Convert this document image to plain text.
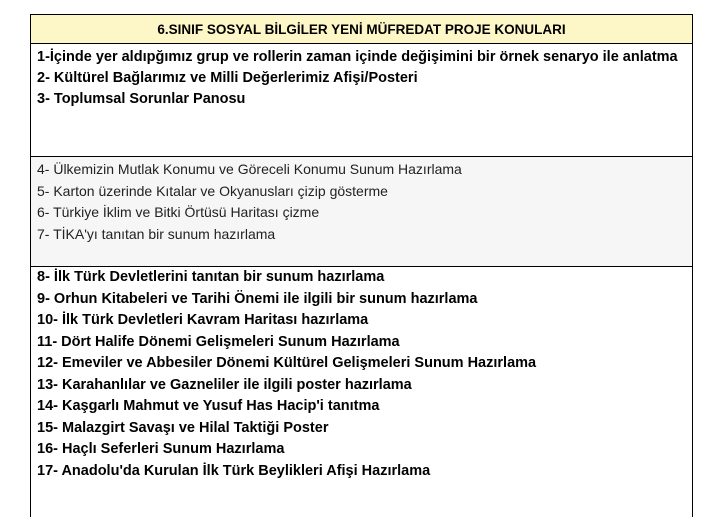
6.SINIF SOSYAL BİLGİLER YENİ MÜFREDAT PROJE KONULARI
1-İçinde yer aldıpğımız grup ve rollerin zaman içinde değişimini bir örnek senaryo ile anlatma
2- Kültürel Bağlarımız ve Milli Değerlerimiz Afişi/Posteri
3- Toplumsal Sorunlar Panosu
4- Ülkemizin Mutlak Konumu ve Göreceli Konumu Sunum Hazırlama
5- Karton üzerinde Kıtalar ve Okyanusları çizip gösterme
6- Türkiye İklim ve Bitki Örtüsü Haritası çizme
7- TİKA'yı tanıtan bir sunum hazırlama
8- İlk Türk Devletlerini tanıtan bir sunum hazırlama
9- Orhun Kitabeleri ve Tarihi Önemi ile ilgili bir sunum hazırlama
10- İlk Türk Devletleri Kavram Haritası hazırlama
11- Dört Halife Dönemi Gelişmeleri Sunum Hazırlama
12- Emeviler ve Abbesiler Dönemi Kültürel Gelişmeleri Sunum Hazırlama
13- Karahanlılar ve Gazneliler ile ilgili poster hazırlama
14- Kaşgarlı Mahmut ve Yusuf Has Hacip'i tanıtma
15- Malazgirt Savaşı ve Hilal Taktiği Poster
16- Haçlı Seferleri Sunum Hazırlama
17- Anadolu'da Kurulan İlk Türk Beylikleri Afişi Hazırlama
